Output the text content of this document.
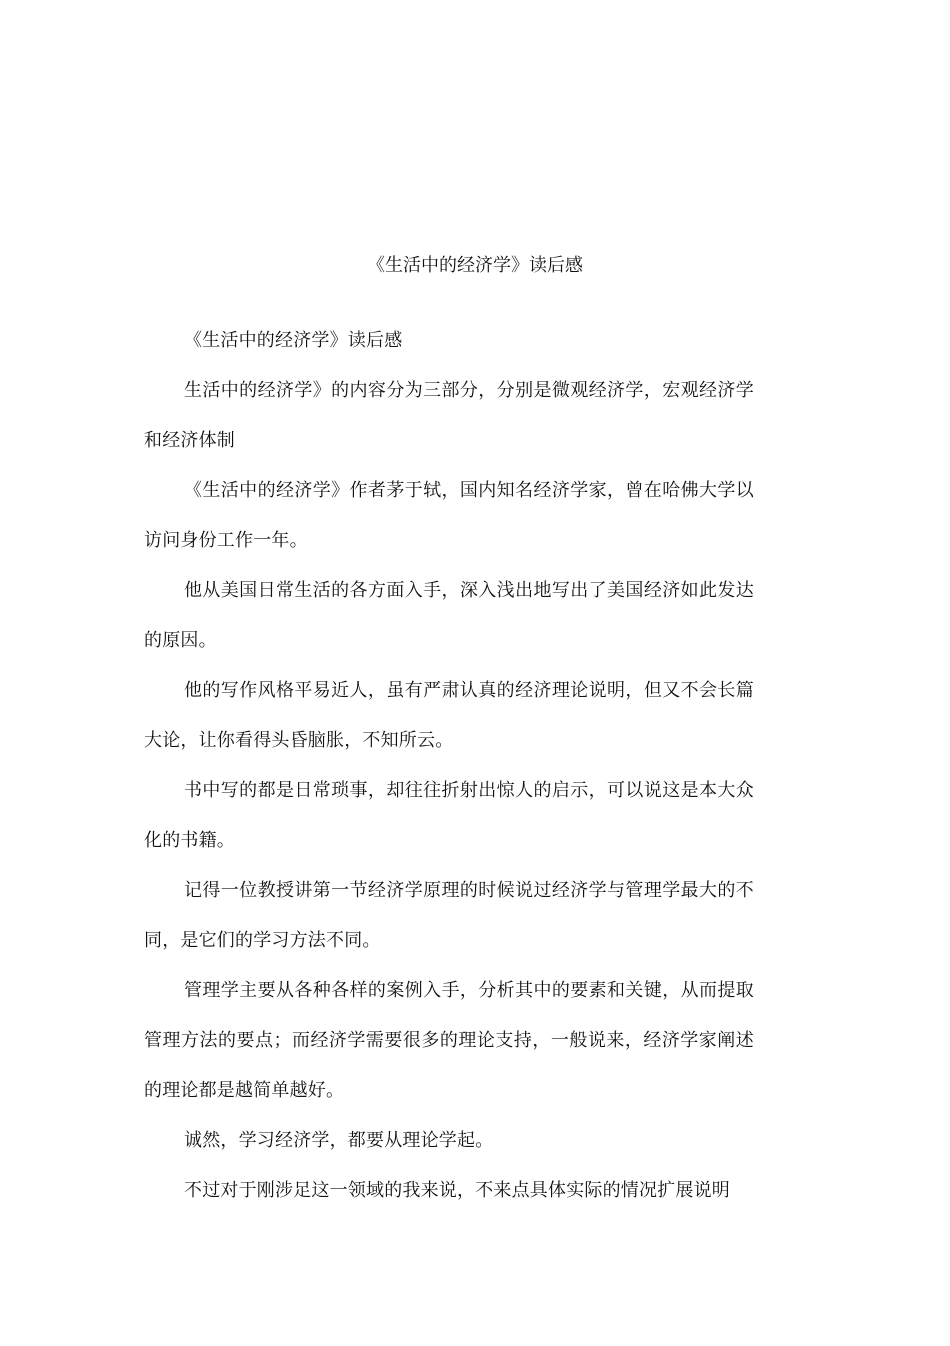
《生活中的经济学》读后感

《生活中的经济学》读后感

生活中的经济学》的内容分为三部分，分别是微观经济学，宏观经济学和经济体制

《生活中的经济学》作者茅于轼，国内知名经济学家，曾在哈佛大学以访问身份工作一年。

他从美国日常生活的各方面入手，深入浅出地写出了美国经济如此发达的原因。

他的写作风格平易近人，虽有严肃认真的经济理论说明，但又不会长篇大论，让你看得头昏脑胀，不知所云。

书中写的都是日常琐事，却往往折射出惊人的启示，可以说这是本大众化的书籍。

记得一位教授讲第一节经济学原理的时候说过经济学与管理学最大的不同，是它们的学习方法不同。

管理学主要从各种各样的案例入手，分析其中的要素和关键，从而提取管理方法的要点；而经济学需要很多的理论支持，一般说来，经济学家阐述的理论都是越简单越好。

诚然，学习经济学，都要从理论学起。

不过对于刚涉足这一领域的我来说，不来点具体实际的情况扩展说明
